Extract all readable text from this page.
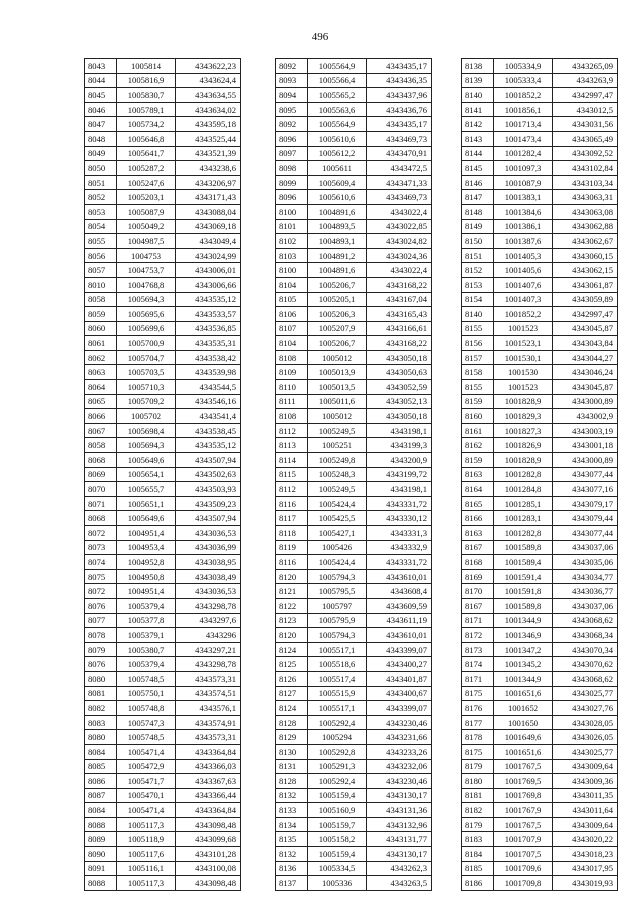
496
8043	1005814	4343622,23
8044	1005816,9	4343624,4
8045	1005830,7	4343634,55
8046	1005789,1	4343634,02
8047	1005734,2	4343595,18
8048	1005646,8	4343525,44
8049	1005641,7	4343521,39
8050	1005287,2	4343238,6
8051	1005247,6	4343206,97
8052	1005203,1	4343171,43
8053	1005087,9	4343088,04
8054	1005049,2	4343069,18
8055	1004987,5	4343049,4
8056	1004753	4343024,99
8057	1004753,7	4343006,01
8010	1004768,8	4343006,66
8058	1005694,3	4343535,12
8059	1005695,6	4343533,57
8060	1005699,6	4343536,85
8061	1005700,9	4343535,31
8062	1005704,7	4343538,42
8063	1005703,5	4343539,98
8064	1005710,3	4343544,5
8065	1005709,2	4343546,16
8066	1005702	4343541,4
8067	1005698,4	4343538,45
8058	1005694,3	4343535,12
8068	1005649,6	4343507,94
8069	1005654,1	4343502,63
8070	1005655,7	4343503,93
8071	1005651,1	4343509,23
8068	1005649,6	4343507,94
8072	1004951,4	4343036,53
8073	1004953,4	4343036,99
8074	1004952,8	4343038,95
8075	1004950,8	4343038,49
8072	1004951,4	4343036,53
8076	1005379,4	4343298,78
8077	1005377,8	4343297,6
8078	1005379,1	4343296
8079	1005380,7	4343297,21
8076	1005379,4	4343298,78
8080	1005748,5	4343573,31
8081	1005750,1	4343574,51
8082	1005748,8	4343576,1
8083	1005747,3	4343574,91
8080	1005748,5	4343573,31
8084	1005471,4	4343364,84
8085	1005472,9	4343366,03
8086	1005471,7	4343367,63
8087	1005470,1	4343366,44
8084	1005471,4	4343364,84
8088	1005117,3	4343098,48
8089	1005118,9	4343099,68
8090	1005117,6	4343101,28
8091	1005116,1	4343100,08
8088	1005117,3	4343098,48
8092	1005564,9	4343435,17
8093	1005566,4	4343436,35
8094	1005565,2	4343437,96
8095	1005563,6	4343436,76
8092	1005564,9	4343435,17
8096	1005610,6	4343469,73
8097	1005612,2	4343470,91
8098	1005611	4343472,5
8099	1005609,4	4343471,33
8096	1005610,6	4343469,73
8100	1004891,6	4343022,4
8101	1004893,5	4343022,85
8102	1004893,1	4343024,82
8103	1004891,2	4343024,36
8100	1004891,6	4343022,4
8104	1005206,7	4343168,22
8105	1005205,1	4343167,04
8106	1005206,3	4343165,43
8107	1005207,9	4343166,61
8104	1005206,7	4343168,22
8108	1005012	4343050,18
8109	1005013,9	4343050,63
8110	1005013,5	4343052,59
8111	1005011,6	4343052,13
8108	1005012	4343050,18
8112	1005249,5	4343198,1
8113	1005251	4343199,3
8114	1005249,8	4343200,9
8115	1005248,3	4343199,72
8112	1005249,5	4343198,1
8116	1005424,4	4343331,72
8117	1005425,5	4343330,12
8118	1005427,1	4343331,3
8119	1005426	4343332,9
8116	1005424,4	4343331,72
8120	1005794,3	4343610,01
8121	1005795,5	4343608,4
8122	1005797	4343609,59
8123	1005795,9	4343611,19
8120	1005794,3	4343610,01
8124	1005517,1	4343399,07
8125	1005518,6	4343400,27
8126	1005517,4	4343401,87
8127	1005515,9	4343400,67
8124	1005517,1	4343399,07
8128	1005292,4	4343230,46
8129	1005294	4343231,66
8130	1005292,8	4343233,26
8131	1005291,3	4343232,06
8128	1005292,4	4343230,46
8132	1005159,4	4343130,17
8133	1005160,9	4343131,36
8134	1005159,7	4343132,96
8135	1005158,2	4343131,77
8132	1005159,4	4343130,17
8136	1005334,5	4343262,3
8137	1005336	4343263,5
8138	1005334,9	4343265,09
8139	1005333,4	4343263,9
8140	1001852,2	4342997,47
8141	1001856,1	4343012,5
8142	1001713,4	4343031,56
8143	1001473,4	4343065,49
8144	1001282,4	4343092,52
8145	1001097,3	4343102,84
8146	1001087,9	4343103,34
8147	1001383,1	4343063,31
8148	1001384,6	4343063,08
8149	1001386,1	4343062,88
8150	1001387,6	4343062,67
8151	1001405,3	4343060,15
8152	1001405,6	4343062,15
8153	1001407,6	4343061,87
8154	1001407,3	4343059,89
8140	1001852,2	4342997,47
8155	1001523	4343045,87
8156	1001523,1	4343043,84
8157	1001530,1	4343044,27
8158	1001530	4343046,24
8155	1001523	4343045,87
8159	1001828,9	4343000,89
8160	1001829,3	4343002,9
8161	1001827,3	4343003,19
8162	1001826,9	4343001,18
8159	1001828,9	4343000,89
8163	1001282,8	4343077,44
8164	1001284,8	4343077,16
8165	1001285,1	4343079,17
8166	1001283,1	4343079,44
8163	1001282,8	4343077,44
8167	1001589,8	4343037,06
8168	1001589,4	4343035,06
8169	1001591,4	4343034,77
8170	1001591,8	4343036,77
8167	1001589,8	4343037,06
8171	1001344,9	4343068,62
8172	1001346,9	4343068,34
8173	1001347,2	4343070,34
8174	1001345,2	4343070,62
8171	1001344,9	4343068,62
8175	1001651,6	4343025,77
8176	1001652	4343027,76
8177	1001650	4343028,05
8178	1001649,6	4343026,05
8175	1001651,6	4343025,77
8179	1001767,5	4343009,64
8180	1001769,5	4343009,36
8181	1001769,8	4343011,35
8182	1001767,9	4343011,64
8179	1001767,5	4343009,64
8183	1001707,9	4343020,22
8184	1001707,5	4343018,23
8185	1001709,6	4343017,95
8186	1001709,8	4343019,93
